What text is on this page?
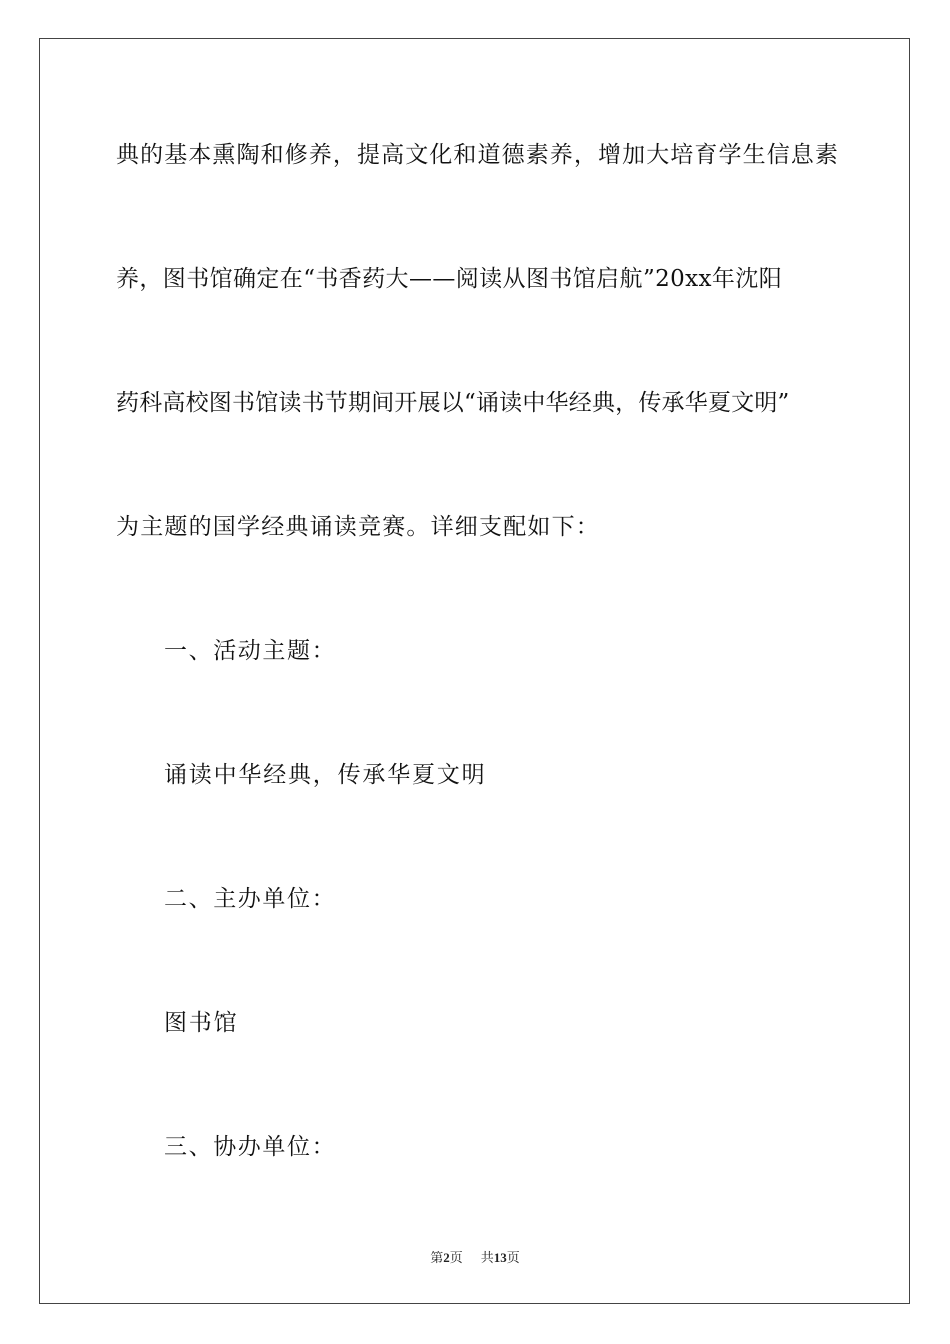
典的基本熏陶和修养，提高文化和道德素养，增加大培育学生信息素
养，图书馆确定在“书香药大——阅读从图书馆启航”20xx年沈阳
药科高校图书馆读书节期间开展以“诵读中华经典，传承华夏文明”
为主题的国学经典诵读竞赛。详细支配如下：
一、活动主题：
诵读中华经典，传承华夏文明
二、主办单位：
图书馆
三、协办单位：
第2页 共13页
